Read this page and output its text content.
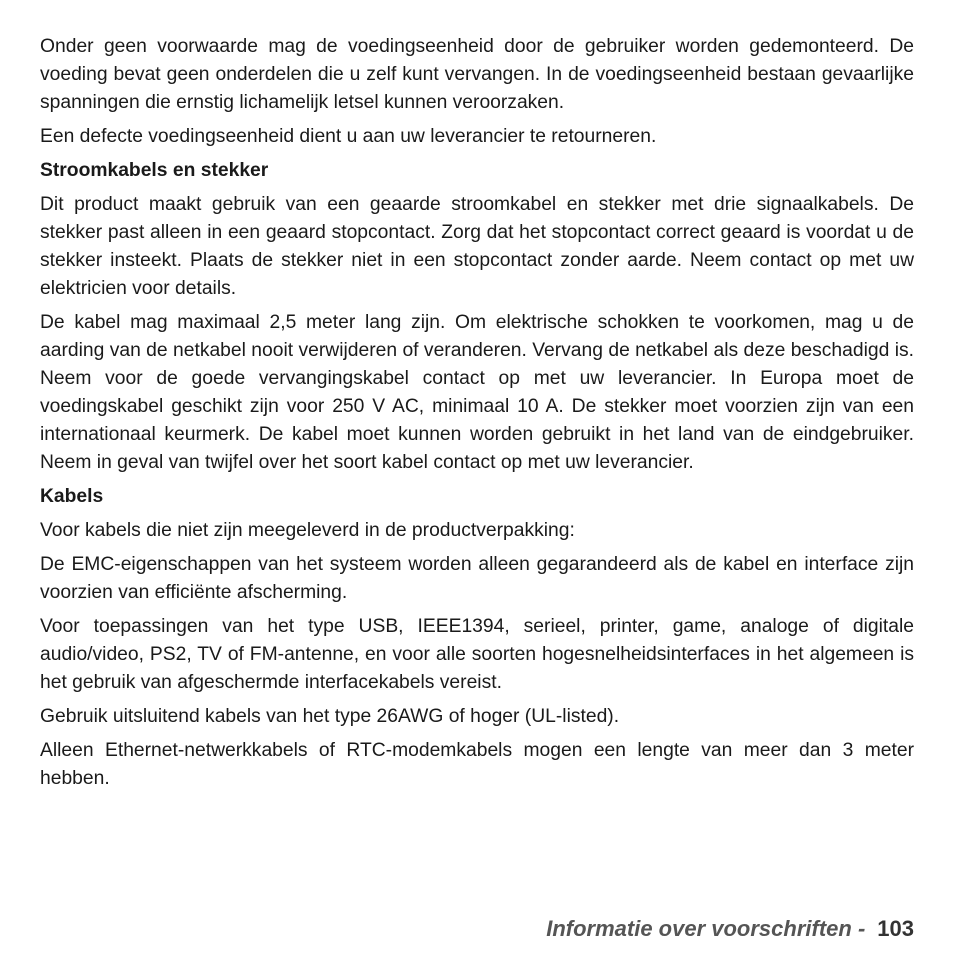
Onder geen voorwaarde mag de voedingseenheid door de gebruiker worden gedemonteerd. De voeding bevat geen onderdelen die u zelf kunt vervangen. In de voedingseenheid bestaan gevaarlijke spanningen die ernstig lichamelijk letsel kunnen veroorzaken.

Een defecte voedingseenheid dient u aan uw leverancier te retourneren.

Stroomkabels en stekker

Dit product maakt gebruik van een geaarde stroomkabel en stekker met drie signaalkabels. De stekker past alleen in een geaard stopcontact. Zorg dat het stopcontact correct geaard is voordat u de stekker insteekt. Plaats de stekker niet in een stopcontact zonder aarde. Neem contact op met uw elektricien voor details.

De kabel mag maximaal 2,5 meter lang zijn. Om elektrische schokken te voorkomen, mag u de aarding van de netkabel nooit verwijderen of veranderen. Vervang de netkabel als deze beschadigd is. Neem voor de goede vervangingskabel contact op met uw leverancier. In Europa moet de voedingskabel geschikt zijn voor 250 V AC, minimaal 10 A. De stekker moet voorzien zijn van een internationaal keurmerk. De kabel moet kunnen worden gebruikt in het land van de eindgebruiker. Neem in geval van twijfel over het soort kabel contact op met uw leverancier.

Kabels

Voor kabels die niet zijn meegeleverd in de productverpakking:

De EMC-eigenschappen van het systeem worden alleen gegarandeerd als de kabel en interface zijn voorzien van efficiënte afscherming.

Voor toepassingen van het type USB, IEEE1394, serieel, printer, game, analoge of digitale audio/video, PS2, TV of FM-antenne, en voor alle soorten hogesnelheidsinterfaces in het algemeen is het gebruik van afgeschermde interfacekabels vereist.

Gebruik uitsluitend kabels van het type 26AWG of hoger (UL-listed).

Alleen Ethernet-netwerkkabels of RTC-modemkabels mogen een lengte van meer dan 3 meter hebben.

Informatie over voorschriften - 103
